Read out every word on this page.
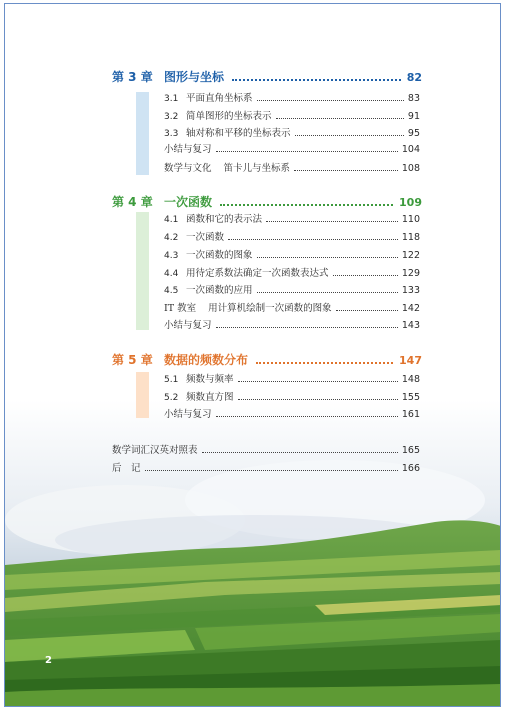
第 3 章 图形与坐标	82
3.1 平面直角坐标系	83
3.2 简单图形的坐标表示	91
3.3 轴对称和平移的坐标表示	95
小结与复习	104
数学与文化 笛卡儿与坐标系	108
第 4 章 一次函数	109
4.1 函数和它的表示法	110
4.2 一次函数	118
4.3 一次函数的图象	122
4.4 用待定系数法确定一次函数表达式	129
4.5 一次函数的应用	133
IT 教室 用计算机绘制一次函数的图象	142
小结与复习	143
第 5 章 数据的频数分布	147
5.1 频数与频率	148
5.2 频数直方图	155
小结与复习	161
数学词汇汉英对照表	165
后　记	166
2
